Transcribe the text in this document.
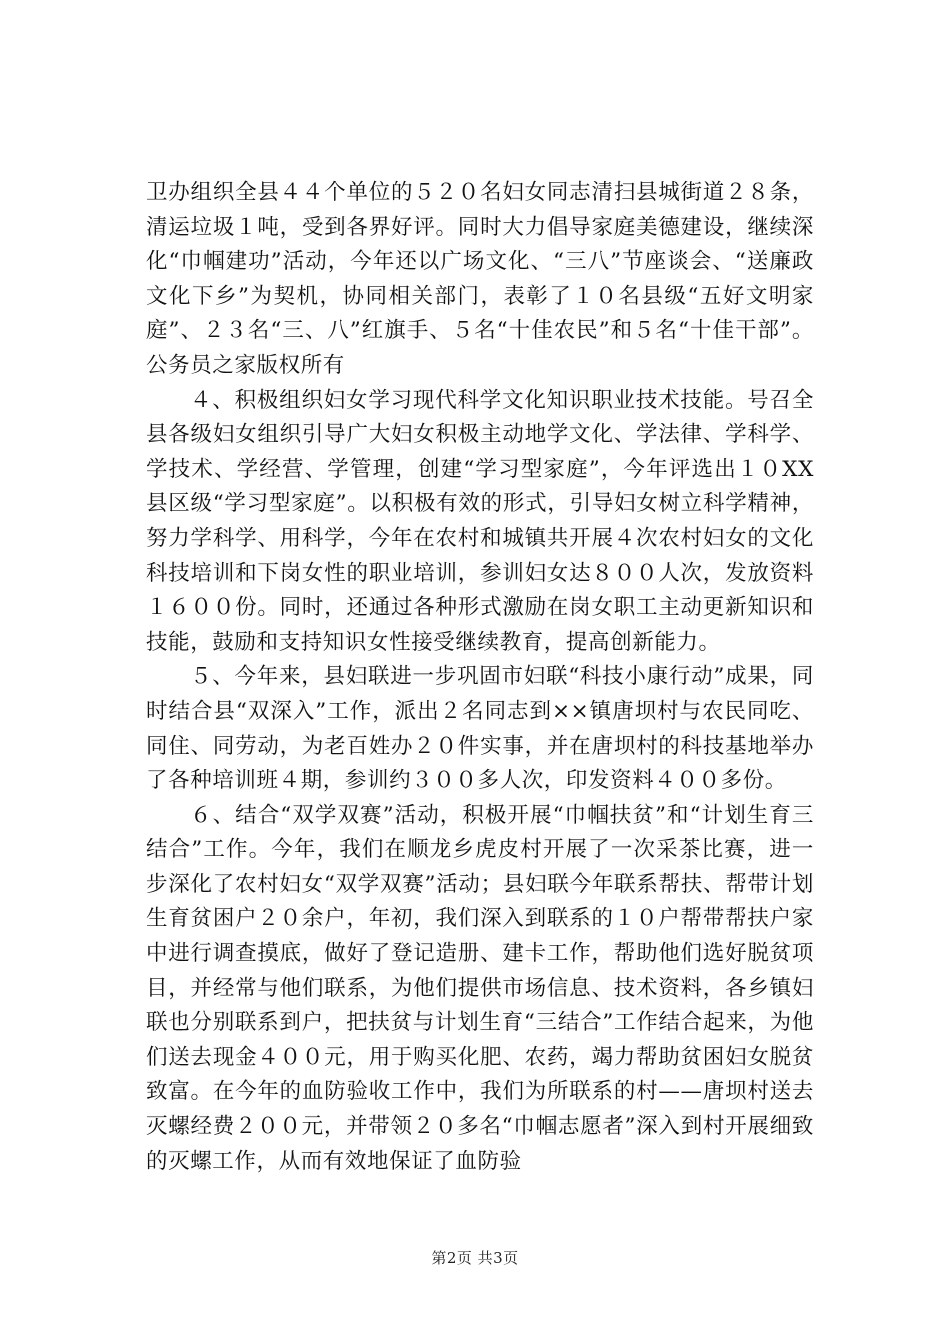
卫办组织全县４４个单位的５２０名妇女同志清扫县城街道２８条，清运垃圾１吨，受到各界好评。同时大力倡导家庭美德建设，继续深化“巾帼建功”活动，今年还以广场文化、“三八”节座谈会、“送廉政文化下乡”为契机，协同相关部门，表彰了１０名县级“五好文明家庭”、２３名“三、八”红旗手、５名“十佳农民”和５名“十佳干部”。公务员之家版权所有

４、积极组织妇女学习现代科学文化知识职业技术技能。号召全县各级妇女组织引导广大妇女积极主动地学文化、学法律、学科学、学技术、学经营、学管理，创建“学习型家庭”，今年评选出１０XX县区级“学习型家庭”。以积极有效的形式，引导妇女树立科学精神，努力学科学、用科学，今年在农村和城镇共开展４次农村妇女的文化科技培训和下岗女性的职业培训，参训妇女达８００人次，发放资料１６００份。同时，还通过各种形式激励在岗女职工主动更新知识和技能，鼓励和支持知识女性接受继续教育，提高创新能力。

５、今年来，县妇联进一步巩固市妇联“科技小康行动”成果，同时结合县“双深入”工作，派出２名同志到××镇唐坝村与农民同吃、同住、同劳动，为老百姓办２０件实事，并在唐坝村的科技基地举办了各种培训班４期，参训约３００多人次，印发资料４００多份。

６、结合“双学双赛”活动，积极开展“巾帼扶贫”和“计划生育三结合”工作。今年，我们在顺龙乡虎皮村开展了一次采茶比赛，进一步深化了农村妇女“双学双赛”活动；县妇联今年联系帮扶、帮带计划生育贫困户２０余户，年初，我们深入到联系的１０户帮带帮扶户家中进行调查摸底，做好了登记造册、建卡工作，帮助他们选好脱贫项目，并经常与他们联系，为他们提供市场信息、技术资料，各乡镇妇联也分别联系到户，把扶贫与计划生育“三结合”工作结合起来，为他们送去现金４００元，用于购买化肥、农药，竭力帮助贫困妇女脱贫致富。在今年的血防验收工作中，我们为所联系的村——唐坝村送去灭螺经费２００元，并带领２０多名“巾帼志愿者”深入到村开展细致的灭螺工作，从而有效地保证了血防验

第2页 共3页
